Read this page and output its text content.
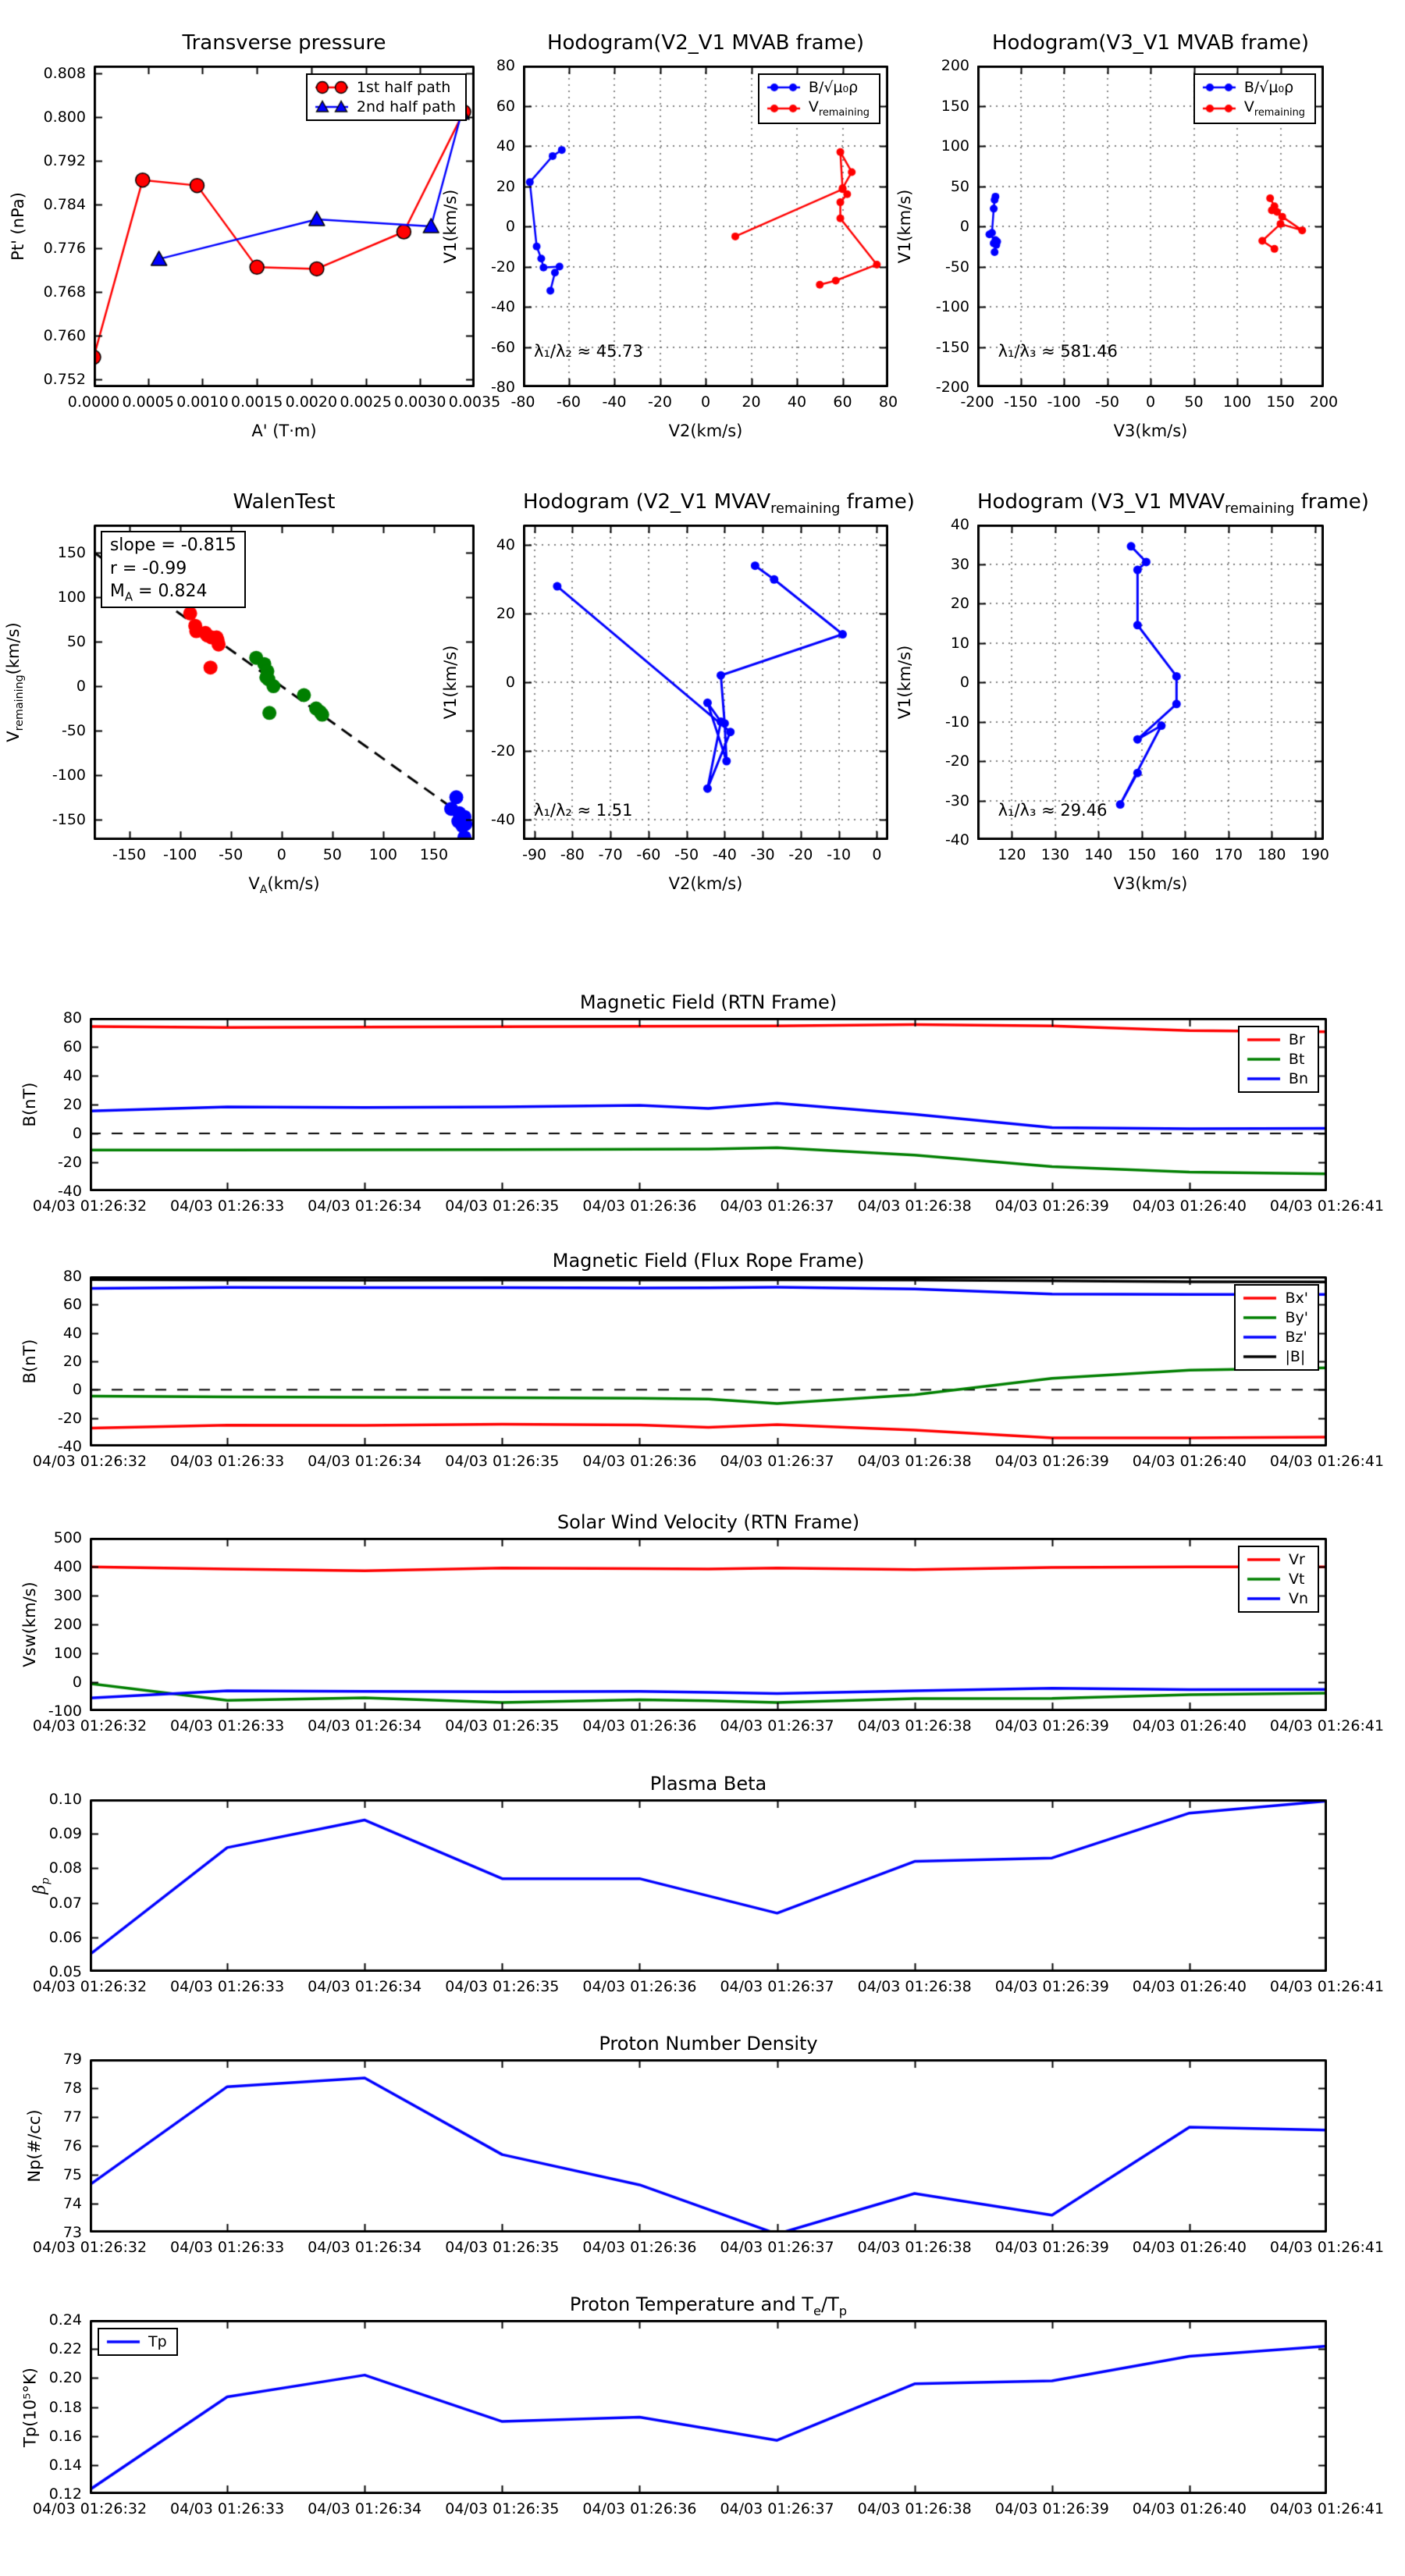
Transverse pressure
0.0000 0.0005 0.0010 0.0015 0.0020 0.0025 0.0030 0.0035
0.752
0.760
0.768
0.776
0.784
0.792
0.800
0.808
A' (T·m)
Pt' (nPa)
1st half path
2nd half path
Hodogram(V2_V1 MVAB frame)
-80	-60	-40	-20	0	20	40	60	80
-80
-60
-40
-20
0
20
40
60
80
V2(km/s)
V1(km/s)
B/√μ₀ρ
$V_{remaining}$
λ₁/λ₂ ≈ 45.73
Hodogram(V3_V1 MVAB frame)
-200 -150 -100 -50	0	50	100	150	200
-200
-150
-100
-50
0
50
100
150
200
V3(km/s)
V1(km/s)
B/√μ₀ρ
$V_{remaining}$
λ₁/λ₃ ≈ 581.46
WalenTest
-150	-100	-50	0	50	100	150
-150
-100
-50
0
50
100
150
$V_A(km/s)$
$V_{remaining}(km/s)$
slope = -0.815
r = -0.99
$M_A = 0.824$
Hodogram (V2_V1 $MVAV_{remaining}$ frame)
-90 -80 -70 -60 -50 -40 -30 -20 -10	0
-40
-20
0
20
40
V2(km/s)
V1(km/s)
λ₁/λ₂ ≈ 1.51
Hodogram (V3_V1 $MVAV_{remaining}$ frame)
120	130	140	150	160	170	180	190
-40
-30
-20
-10
0
10
20
30
40
V3(km/s)
V1(km/s)
λ₁/λ₃ ≈ 29.46
Magnetic Field (RTN Frame)
04/03 01:26:32	04/03 01:26:33	04/03 01:26:34	04/03 01:26:35	04/03 01:26:36	04/03 01:26:37	04/03 01:26:38	04/03 01:26:39	04/03 01:26:40	04/03 01:26:41
-40
-20
0
20
40
60
80
B(nT)
Br
Bt
Bn
Magnetic Field (Flux Rope Frame)
04/03 01:26:32	04/03 01:26:33	04/03 01:26:34	04/03 01:26:35	04/03 01:26:36	04/03 01:26:37	04/03 01:26:38	04/03 01:26:39	04/03 01:26:40	04/03 01:26:41
-40
-20
0
20
40
60
80
B(nT)
Bx'
By'
Bz'
|B|
Solar Wind Velocity (RTN Frame)
04/03 01:26:32	04/03 01:26:33	04/03 01:26:34	04/03 01:26:35	04/03 01:26:36	04/03 01:26:37	04/03 01:26:38	04/03 01:26:39	04/03 01:26:40	04/03 01:26:41
-100
0
100
200
300
400
500
Vsw(km/s)
Vr
Vt
Vn
Plasma Beta
04/03 01:26:32	04/03 01:26:33	04/03 01:26:34	04/03 01:26:35	04/03 01:26:36	04/03 01:26:37	04/03 01:26:38	04/03 01:26:39	04/03 01:26:40	04/03 01:26:41
0.05
0.06
0.07
0.08
0.09
0.10
$\beta_p$
Proton Number Density
04/03 01:26:32	04/03 01:26:33	04/03 01:26:34	04/03 01:26:35	04/03 01:26:36	04/03 01:26:37	04/03 01:26:38	04/03 01:26:39	04/03 01:26:40	04/03 01:26:41
73
74
75
76
77
78
79
Np(#/cc)
Proton Temperature and $T_e/T_p$
04/03 01:26:32	04/03 01:26:33	04/03 01:26:34	04/03 01:26:35	04/03 01:26:36	04/03 01:26:37	04/03 01:26:38	04/03 01:26:39	04/03 01:26:40	04/03 01:26:41
0.12
0.14
0.16
0.18
0.20
0.22
0.24
Tp(10⁵°K)
Tp
